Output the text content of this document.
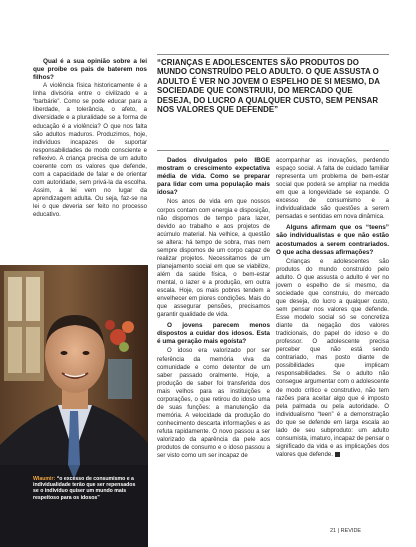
Qual é a sua opinião sobre a lei que proíbe os pais de baterem nos filhos?

A violência física historicamente é a linha divisória entre o civilizado e a “barbárie”. Como se pode educar para a liberdade, a tolerância, o afeto, a diversidade e a pluralidade se a forma de educação é a violência? O que nos falta são adultos maduros. Produzimos, hoje, indivíduos incapazes de suportar responsabilidades de modo consciente e reflexivo. A criança precisa de um adulto coerente com os valores que defende, com a capacidade de falar e de orientar com autoridade, sem privá-la da escolha. Assim, a lei vem no lugar da aprendizagem adulta. Ou seja, faz-se na lei o que deveria ser feito no processo educativo.

Wlaumir: “o excesso de consumismo e a individualidade terão que ser repensados se o indivíduo quiser um mundo mais respeitoso para os idosos”
“CRIANÇAS E ADOLESCENTES SÃO PRODUTOS DO MUNDO CONSTRUÍDO PELO ADULTO. O QUE ASSUSTA O ADULTO É VER NO JOVEM O ESPELHO DE SI MESMO, DA SOCIEDADE QUE CONSTRUIU, DO MERCADO QUE DESEJA, DO LUCRO A QUALQUER CUSTO, SEM PENSAR NOS VALORES QUE DEFENDE”

Dados divulgados pelo IBGE mostram o crescimento expectativa média de vida. Como se preparar para lidar com uma população mais idosa?

Nos anos de vida em que nossos corpos contam com energia e disposição, não dispomos de tempo para lazer, devido ao trabalho e aos projetos de acúmulo material. Na velhice, a questão se altera: há tempo de sobra, mas nem sempre dispomos de um corpo capaz de realizar projetos. Necessitamos de um planejamento social em que se viabilize, além da saúde física, o bem-estar mental, o lazer e a produção, em outra escala. Hoje, os mais pobres tendem a envelhecer em piores condições. Mais do que assegurar pensões, precisamos garantir qualidade de vida.

O jovens parecem menos dispostos a cuidar dos idosos. Esta é uma geração mais egoísta?

O idoso era valorizado por ser referência da memória viva da comunidade e como detentor de um saber passado oralmente. Hoje, a produção de saber foi transferida dos mais velhos para as instituições e corporações, o que retirou do idoso uma de suas funções: a manutenção da memória. A velocidade da produção do conhecimento descarta informações e as refuta rapidamente. O novo passou a ser valorizado da aparência da pele aos produtos de consumo e o idoso passou a ser visto como um ser incapaz de

acompanhar as inovações, perdendo espaço social. A falta de cuidado familiar representa um problema de bem-estar social que poderá se ampliar na medida em que a longevidade se expande. O excesso de consumismo e a individualidade são questões a serem pensadas e sentidas em nova dinâmica.

Alguns afirmam que os “teens” são individualistas e que não estão acostumados a serem contrariados. O que acha dessas afirmações?

Crianças e adolescentes são produtos do mundo construído pelo adulto. O que assusta o adulto é ver no jovem o espelho de si mesmo, da sociedade que construiu, do mercado que deseja, do lucro a qualquer custo, sem pensar nos valores que defende. Esse modelo social só se concretiza diante da negação dos valores tradicionais, do papel do idoso e do professor. O adolescente precisa perceber que não está sendo contrariado, mas posto diante de possibilidades que implicam responsabilidades. Se o adulto não consegue argumentar com o adolescente de modo crítico e construtivo, não tem razões para aceitar algo que é imposto pela palmada ou pela autoridade. O individualismo “teen” é a demonstração do que se defende em larga escala ao lado de seu subproduto: um adulto consumista, imaturo, incapaz de pensar o significado da vida e as implicações dos valores que defende.

21 | REVIDE
